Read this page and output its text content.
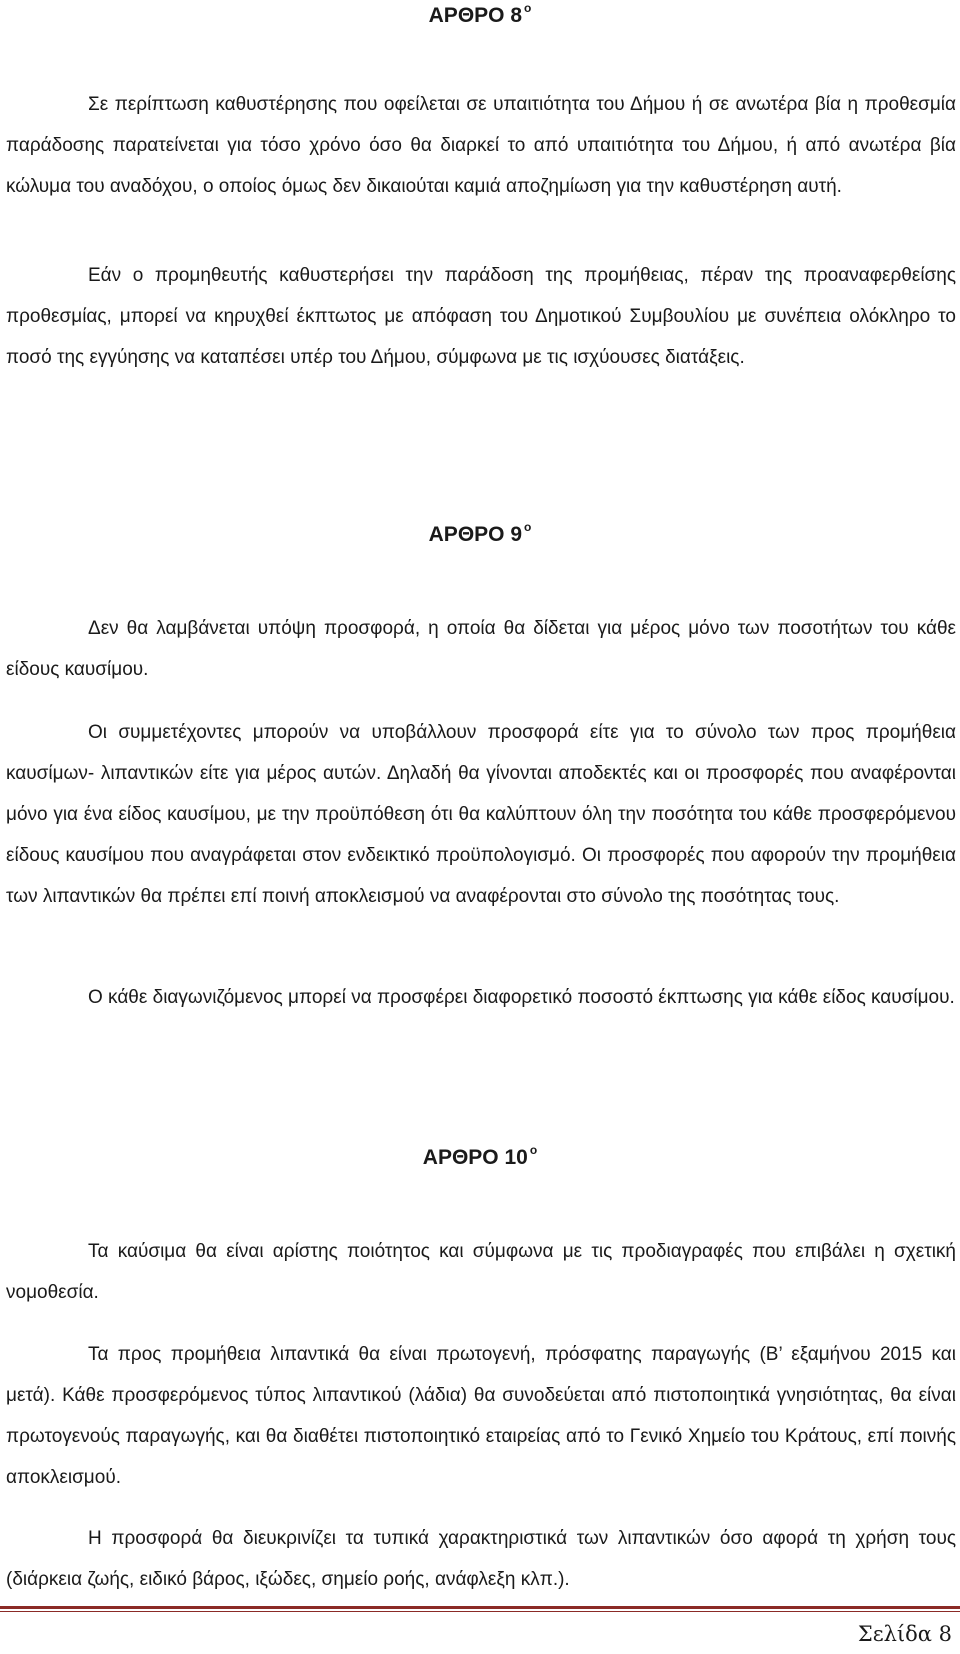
ΑΡΘΡΟ 8 $^o$

Σε περίπτωση καθυστέρησης που οφείλεται σε υπαιτιότητα του Δήμου ή σε ανωτέρα βία η προθεσμία παράδοσης παρατείνεται για τόσο χρόνο όσο θα διαρκεί το από υπαιτιότητα του Δήμου, ή από ανωτέρα βία κώλυμα του αναδόχου, ο οποίος όμως δεν δικαιούται καμιά αποζημίωση για την καθυστέρηση αυτή.

Εάν ο προμηθευτής καθυστερήσει την παράδοση της προμήθειας, πέραν της προαναφερθείσης προθεσμίας, μπορεί να κηρυχθεί έκπτωτος με απόφαση του Δημοτικού Συμβουλίου με συνέπεια ολόκληρο το ποσό της εγγύησης να καταπέσει υπέρ του Δήμου, σύμφωνα με τις ισχύουσες διατάξεις.

ΑΡΘΡΟ 9 $^o$

Δεν θα λαμβάνεται υπόψη προσφορά, η οποία θα δίδεται για μέρος μόνο των ποσοτήτων του κάθε είδους καυσίμου.

Οι συμμετέχοντες μπορούν να υποβάλλουν προσφορά είτε για το σύνολο των προς προμήθεια καυσίμων- λιπαντικών είτε για μέρος αυτών. Δηλαδή θα γίνονται αποδεκτές και οι προσφορές που αναφέρονται μόνο για ένα είδος καυσίμου, με την προϋπόθεση ότι θα καλύπτουν όλη την ποσότητα του κάθε προσφερόμενου είδους καυσίμου που αναγράφεται στον ενδεικτικό προϋπολογισμό. Οι προσφορές που αφορούν την προμήθεια των λιπαντικών θα πρέπει επί ποινή αποκλεισμού να αναφέρονται στο σύνολο της ποσότητας τους.

Ο κάθε διαγωνιζόμενος μπορεί να προσφέρει διαφορετικό ποσοστό έκπτωσης για κάθε είδος καυσίμου.

ΑΡΘΡΟ 10 $^o$

Τα καύσιμα θα είναι αρίστης ποιότητος και σύμφωνα με τις προδιαγραφές που επιβάλει η σχετική νομοθεσία.

Τα προς προμήθεια λιπαντικά θα είναι πρωτογενή, πρόσφατης παραγωγής (Β’ εξαμήνου 2015 και μετά). Κάθε προσφερόμενος τύπος λιπαντικού (λάδια) θα συνοδεύεται από πιστοποιητικά γνησιότητας, θα είναι πρωτογενούς παραγωγής, και θα διαθέτει πιστοποιητικό εταιρείας από το Γενικό Χημείο του Κράτους, επί ποινής αποκλεισμού.

Η προσφορά θα διευκρινίζει τα τυπικά χαρακτηριστικά των λιπαντικών όσο αφορά τη χρήση τους (διάρκεια ζωής, ειδικό βάρος, ιξώδες, σημείο ροής, ανάφλεξη κλπ.).

Σελίδα 8
